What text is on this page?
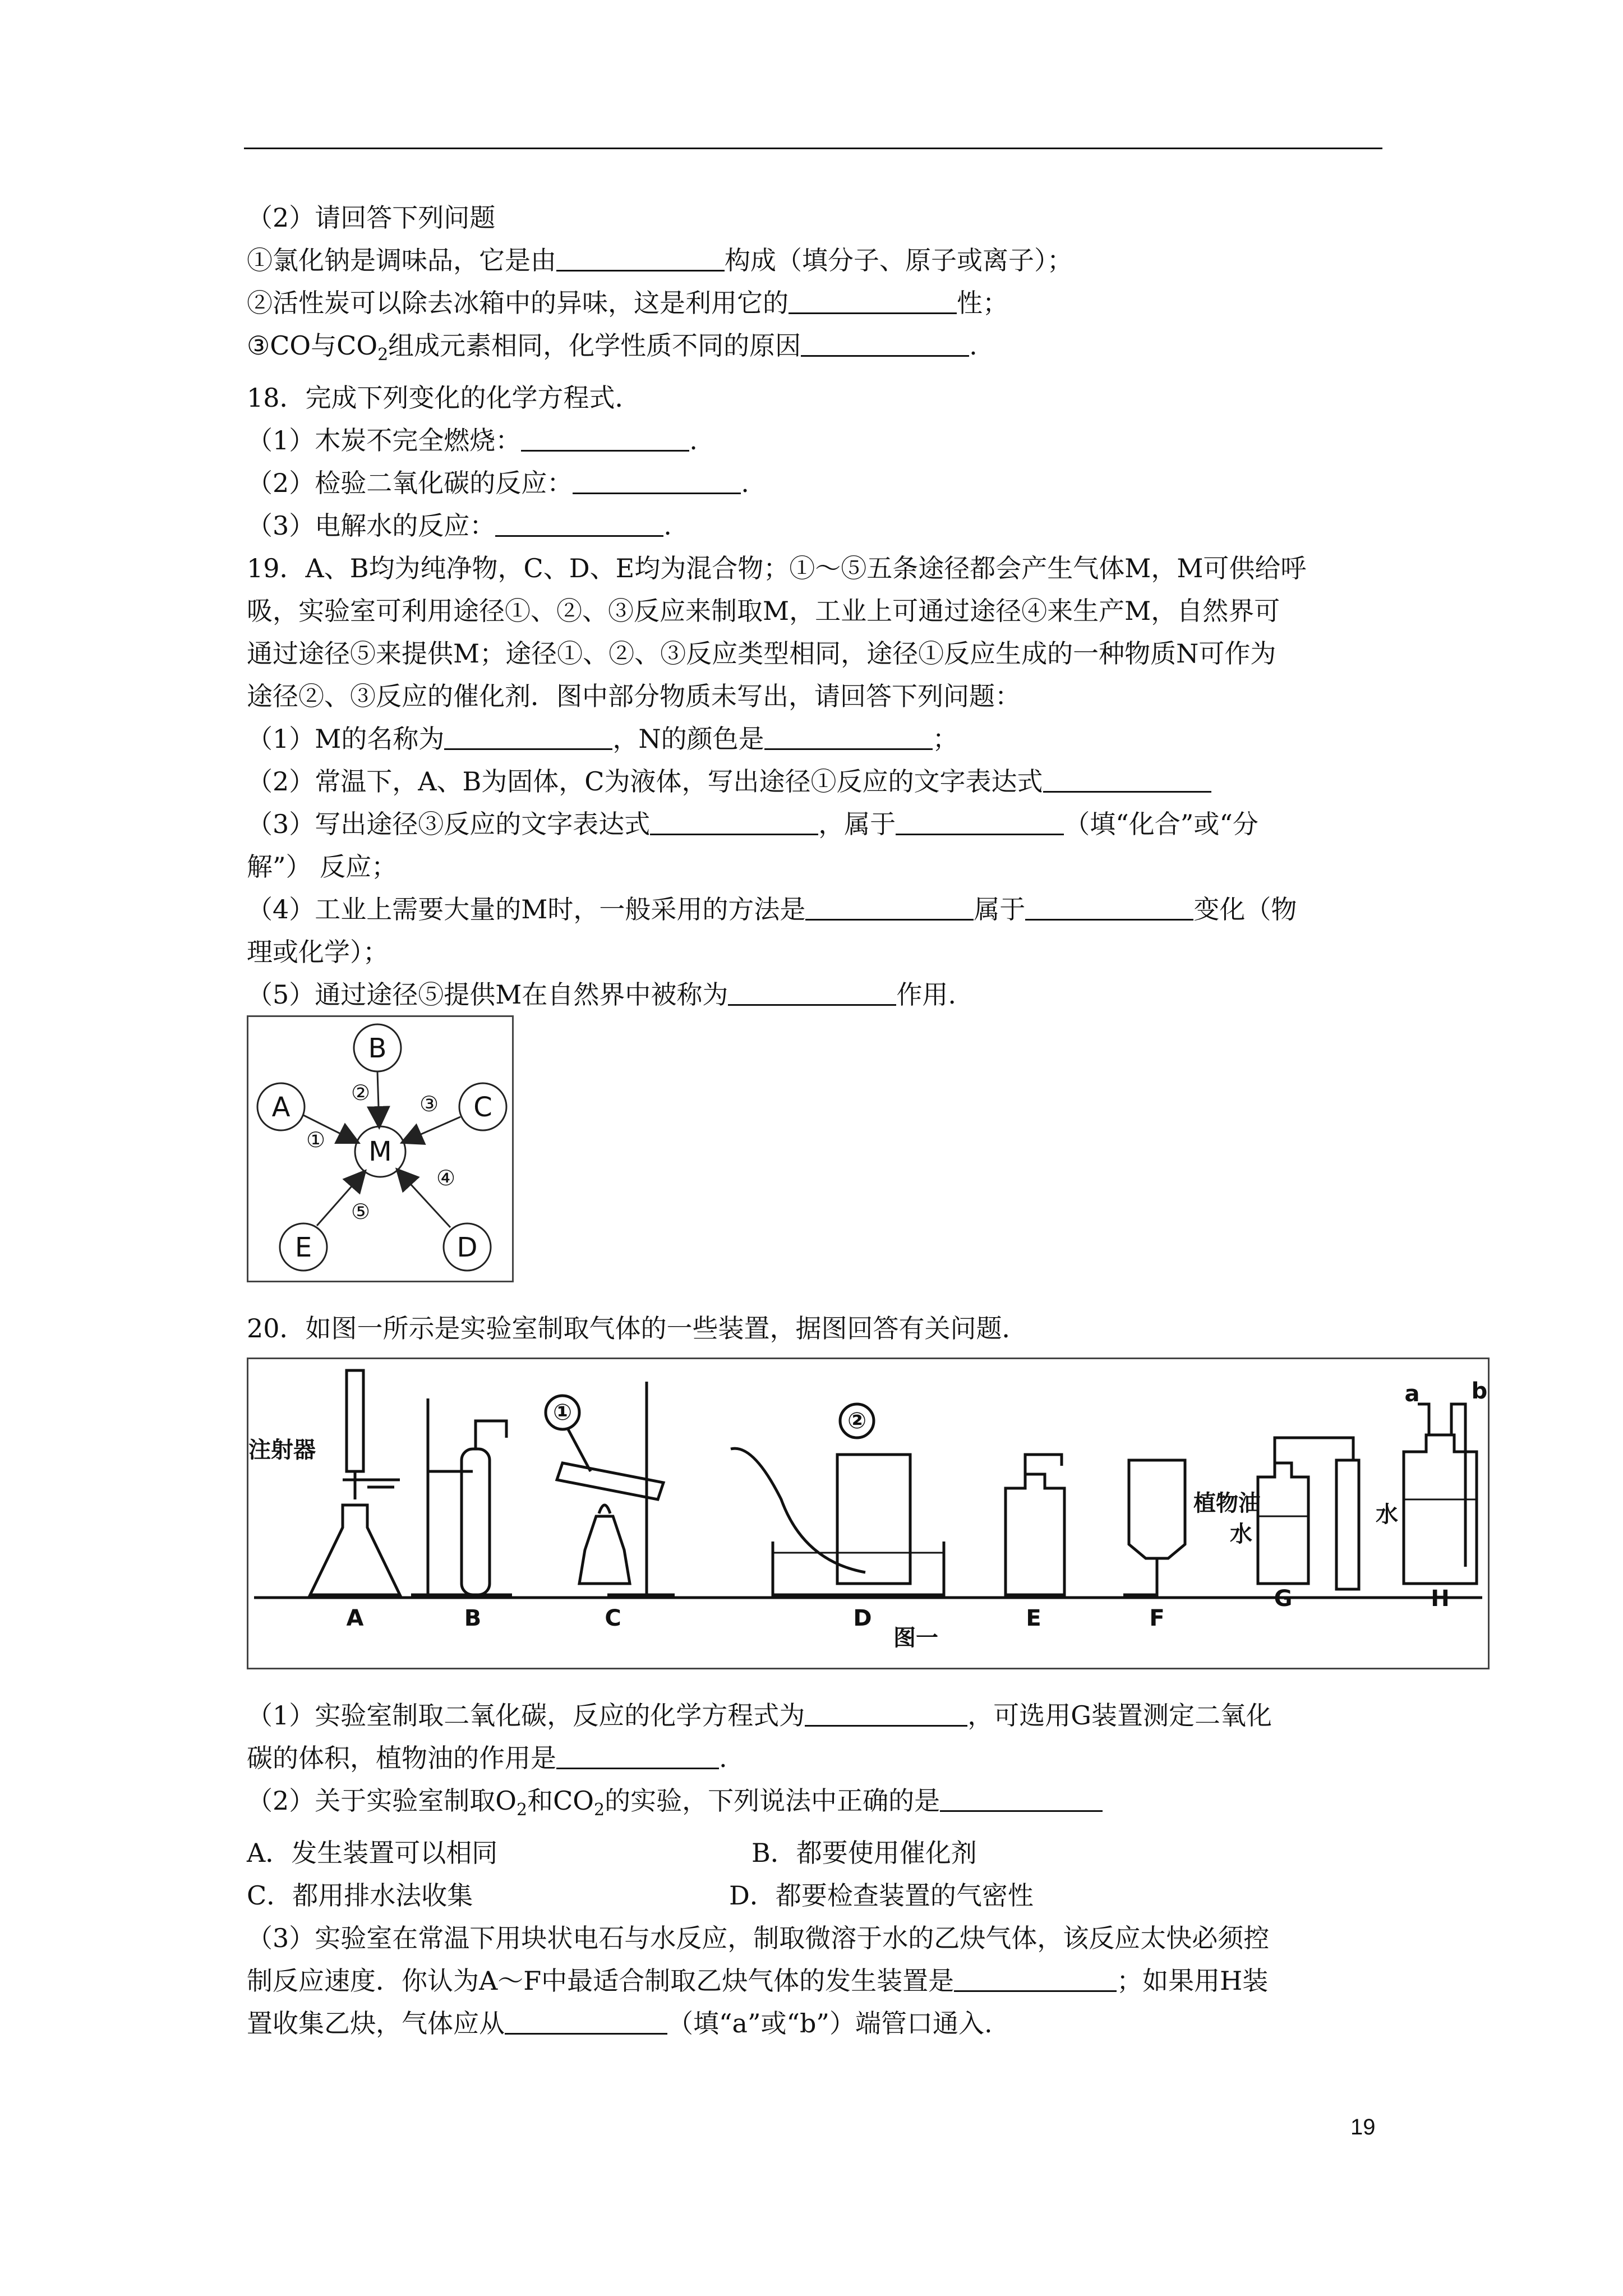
（2）请回答下列问题

①氯化钠是调味品，它是由	构成（填分子、原子或离子）；

②活性炭可以除去冰箱中的异味，这是利用它的	性；

③CO与$CO_2$组成元素相同，化学性质不同的原因	.

18．完成下列变化的化学方程式．

（1）木炭不完全燃烧：	.

（2）检验二氧化碳的反应：	.

（3）电解水的反应：	.

19．A、B均为纯净物，C、D、E均为混合物；①～⑤五条途径都会产生气体M，M可供给呼

吸，实验室可利用途径①、②、③反应来制取M，工业上可通过途径④来生产M，自然界可

通过途径⑤来提供M；途径①、②、③反应类型相同，途径①反应生成的一种物质N可作为

途径②、③反应的催化剂．图中部分物质未写出，请回答下列问题：

（1）M的名称为	，N的颜色是	；

（2）常温下，A、B为固体，C为液体，写出途径①反应的文字表达式

（3）写出途径③反应的文字表达式	，属于	（填“化合”或“分

解”） 反应；

（4）工业上需要大量的M时，一般采用的方法是	属于	变化（物

理或化学）；

（5）通过途径⑤提供M在自然界中被称为	作用.

M
B
A	C
E	D
①
② ③
④
⑤

20．如图一所示是实验室制取气体的一些装置，据图回答有关问题．

注射器
①	②
植物油
水
水
a b
A	B	C	D	E	F
G	H
图一

（1）实验室制取二氧化碳，反应的化学方程式为	，可选用G装置测定二氧化

碳的体积，植物油的作用是	.

（2）关于实验室制取$O_2$和$CO_2$的实验，下列说法中正确的是

A．发生装置可以相同	B．都要使用催化剂
C．都用排水法收集	D．都要检查装置的气密性

（3）实验室在常温下用块状电石与水反应，制取微溶于水的乙炔气体，该反应太快必须控

制反应速度．你认为A～F中最适合制取乙炔气体的发生装置是	；如果用H装

置收集乙炔，气体应从	（填“a”或“b”）端管口通入.

19
